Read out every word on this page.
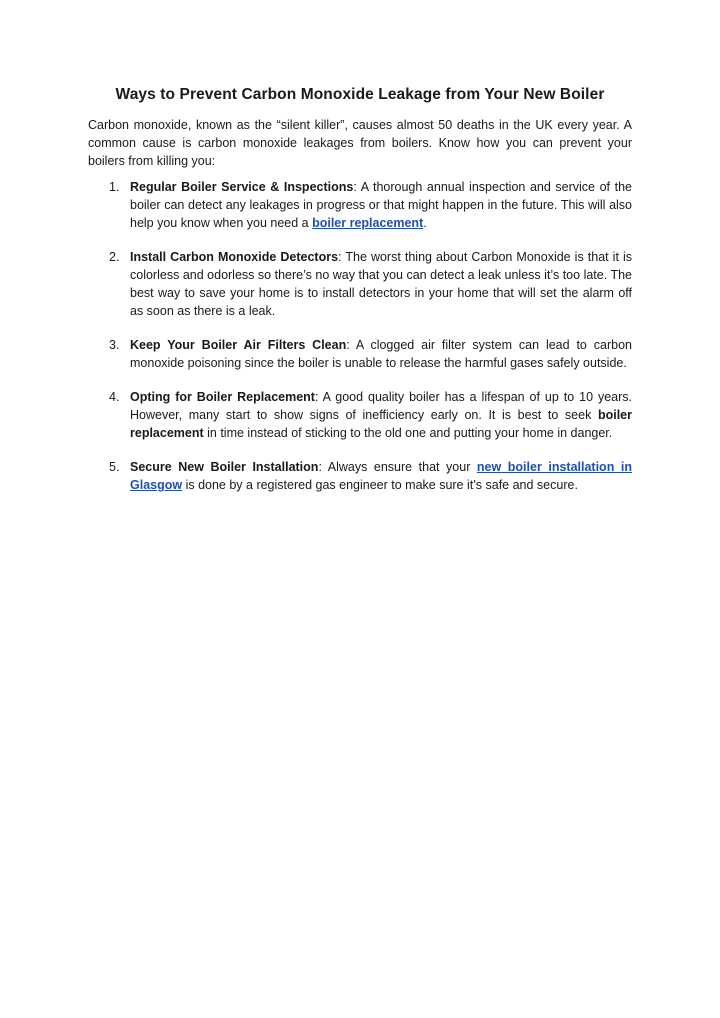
Ways to Prevent Carbon Monoxide Leakage from Your New Boiler

Carbon monoxide, known as the “silent killer”, causes almost 50 deaths in the UK every year. A common cause is carbon monoxide leakages from boilers. Know how you can prevent your boilers from killing you:

1. Regular Boiler Service & Inspections: A thorough annual inspection and service of the boiler can detect any leakages in progress or that might happen in the future. This will also help you know when you need a boiler replacement.
2. Install Carbon Monoxide Detectors: The worst thing about Carbon Monoxide is that it is colorless and odorless so there’s no way that you can detect a leak unless it’s too late. The best way to save your home is to install detectors in your home that will set the alarm off as soon as there is a leak.
3. Keep Your Boiler Air Filters Clean: A clogged air filter system can lead to carbon monoxide poisoning since the boiler is unable to release the harmful gases safely outside.
4. Opting for Boiler Replacement: A good quality boiler has a lifespan of up to 10 years. However, many start to show signs of inefficiency early on. It is best to seek boiler replacement in time instead of sticking to the old one and putting your home in danger.
5. Secure New Boiler Installation: Always ensure that your new boiler installation in Glasgow is done by a registered gas engineer to make sure it’s safe and secure.
